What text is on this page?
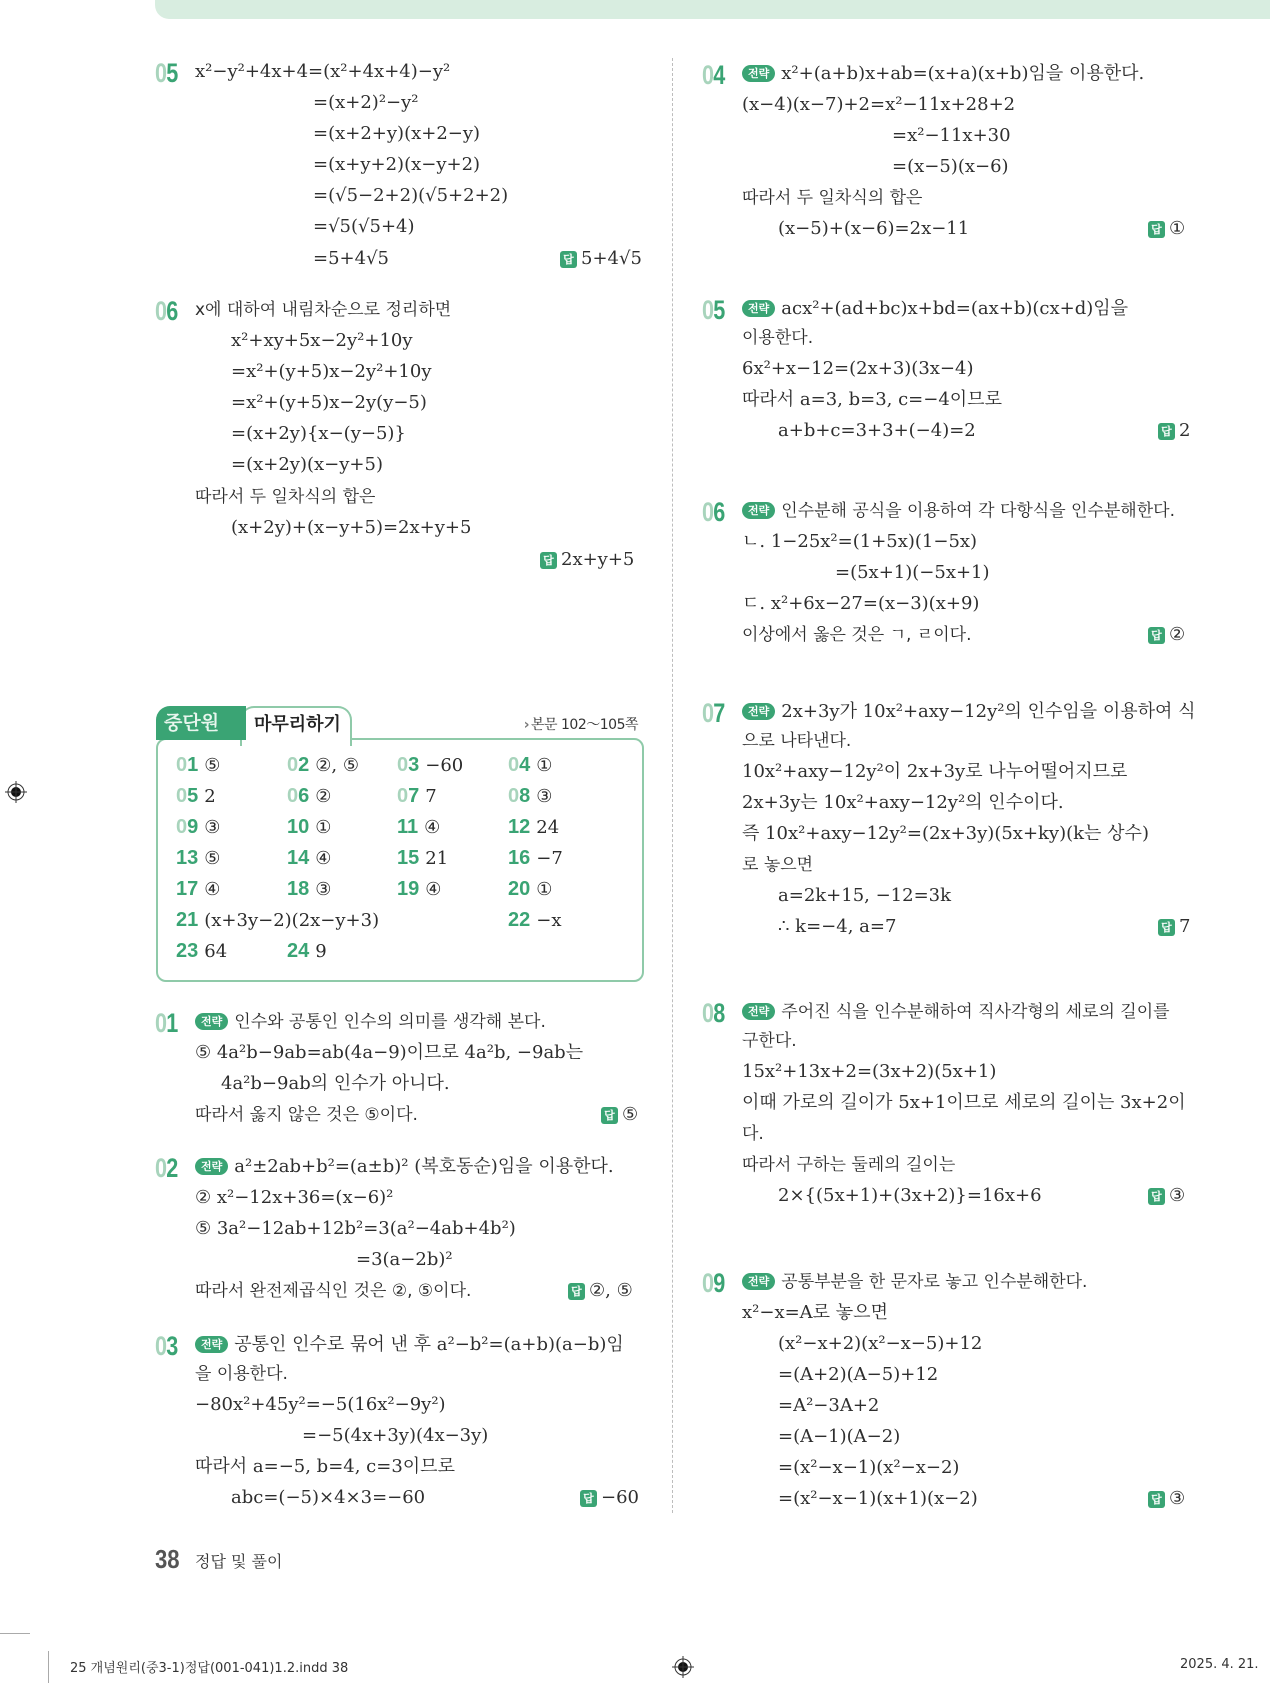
05 x²−y²+4x+4=(x²+4x+4)−y²
=(x+2)²−y²
=(x+2+y)(x+2−y)
=(x+y+2)(x−y+2)
=(√5−2+2)(√5+2+2)
=√5(√5+4)
=5+4√5	답 5+4√5
06 x에 대하여 내림차순으로 정리하면
x²+xy+5x−2y²+10y
=x²+(y+5)x−2y²+10y
=x²+(y+5)x−2y(y−5)
=(x+2y){x−(y−5)}
=(x+2y)(x−y+5)
따라서 두 일차식의 합은
(x+2y)+(x−y+5)=2x+y+5
답 2x+y+5
마무리하기
중단원	› 본문 102～105쪽
01 ⑤	02 ②, ⑤ 03 −60 04 ①
05 2	06 ②	07 7	08 ③
09 ③	10 ①	11 ④	12 24
13 ⑤	14 ④	15 21	16 −7
17 ④	18 ③	19 ④	20 ①
21 (x+3y−2)(2x−y+3)	22 −x
23 64	24 9
01	전략 인수와 공통인 인수의 의미를 생각해 본다.
⑤ 4a²b−9ab=ab(4a−9)이므로 4a²b, −9ab는
4a²b−9ab의 인수가 아니다.
따라서 옳지 않은 것은 ⑤이다.	답 ⑤
02	전략 a²±2ab+b²=(a±b)² (복호동순)임을 이용한다.
② x²−12x+36=(x−6)²
⑤ 3a²−12ab+12b²=3(a²−4ab+4b²)
=3(a−2b)²
따라서 완전제곱식인 것은 ②, ⑤이다.	답 ②, ⑤
03	전략 공통인 인수로 묶어 낸 후 a²−b²=(a+b)(a−b)임
을 이용한다.
−80x²+45y²=−5(16x²−9y²)
=−5(4x+3y)(4x−3y)
따라서 a=−5, b=4, c=3이므로
abc=(−5)×4×3=−60	답 −60
04	전략 x²+(a+b)x+ab=(x+a)(x+b)임을 이용한다.
(x−4)(x−7)+2=x²−11x+28+2
=x²−11x+30
=(x−5)(x−6)
따라서 두 일차식의 합은
(x−5)+(x−6)=2x−11	답 ①
05	전략 acx²+(ad+bc)x+bd=(ax+b)(cx+d)임을
이용한다.
6x²+x−12=(2x+3)(3x−4)
따라서 a=3, b=3, c=−4이므로
a+b+c=3+3+(−4)=2	답 2
06	전략 인수분해 공식을 이용하여 각 다항식을 인수분해한다.
ㄴ. 1−25x²=(1+5x)(1−5x)
=(5x+1)(−5x+1)
ㄷ. x²+6x−27=(x−3)(x+9)
이상에서 옳은 것은 ㄱ, ㄹ이다.	답 ②
07	전략 2x+3y가 10x²+axy−12y²의 인수임을 이용하여 식
으로 나타낸다.
10x²+axy−12y²이 2x+3y로 나누어떨어지므로
2x+3y는 10x²+axy−12y²의 인수이다.
즉 10x²+axy−12y²=(2x+3y)(5x+ky)(k는 상수)
로 놓으면
a=2k+15, −12=3k
∴ k=−4, a=7	답 7
08	전략 주어진 식을 인수분해하여 직사각형의 세로의 길이를
구한다.
15x²+13x+2=(3x+2)(5x+1)
이때 가로의 길이가 5x+1이므로 세로의 길이는 3x+2이
다.
따라서 구하는 둘레의 길이는
2×{(5x+1)+(3x+2)}=16x+6	답 ③
09	전략 공통부분을 한 문자로 놓고 인수분해한다.
x²−x=A로 놓으면
(x²−x+2)(x²−x−5)+12
=(A+2)(A−5)+12
=A²−3A+2
=(A−1)(A−2)
=(x²−x−1)(x²−x−2)
=(x²−x−1)(x+1)(x−2)	답 ③
38 정답 및 풀이
25 개념원리(중3-1)정답(001-041)1.2.indd 38	2025. 4. 21.
